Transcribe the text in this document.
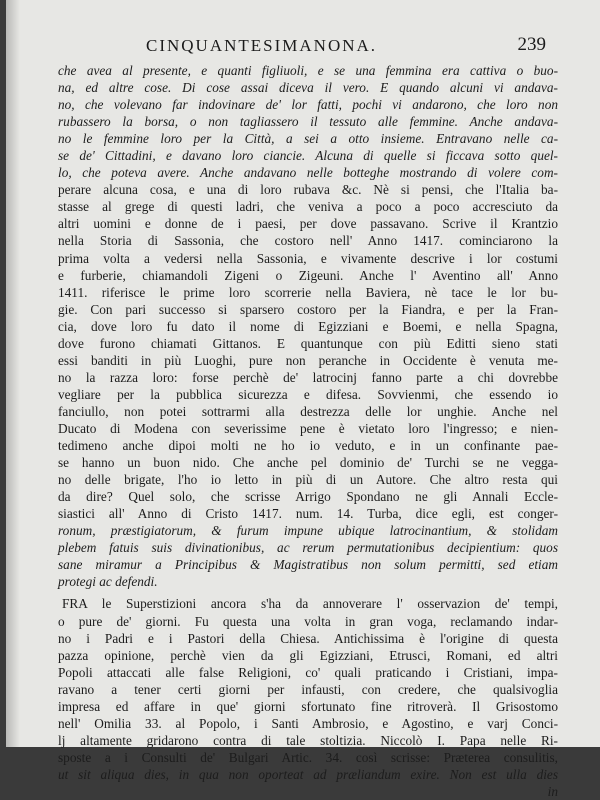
CINQUANTESIMANONA.	239
che avea al presente, e quanti figliuoli, e se una femmina era cattiva o buo-
na, ed altre cose. Di cose assai diceva il vero. E quando alcuni vi andava-
no, che volevano far indovinare de' lor fatti, pochi vi andarono, che loro non
rubassero la borsa, o non tagliassero il tessuto alle femmine. Anche andava-
no le femmine loro per la Città, a sei a otto insieme. Entravano nelle ca-
se de' Cittadini, e davano loro ciancie. Alcuna di quelle si ficcava sotto quel-
lo, che poteva avere. Anche andavano nelle botteghe mostrando di volere com-
perare alcuna cosa, e una di loro rubava &c. Nè si pensi, che l'Italia ba-
stasse al grege di questi ladri, che veniva a poco a poco accresciuto da
altri uomini e donne de i paesi, per dove passavano. Scrive il Krantzio
nella Storia di Sassonia, che costoro nell' Anno 1417. cominciarono la
prima volta a vedersi nella Sassonia, e vivamente descrive i lor costumi
e furberie, chiamandoli Zigeni o Zigeuni. Anche l' Aventino all' Anno
1411. riferisce le prime loro scorrerie nella Baviera, nè tace le lor bu-
gie. Con pari successo si sparsero costoro per la Fiandra, e per la Fran-
cia, dove loro fu dato il nome di Egizziani e Boemi, e nella Spagna,
dove furono chiamati Gittanos. E quantunque con più Editti sieno stati
essi banditi in più Luoghi, pure non peranche in Occidente è venuta me-
no la razza loro: forse perchè de' latrocinj fanno parte a chi dovrebbe
vegliare per la pubblica sicurezza e difesa. Sovvienmi, che essendo io
fanciullo, non potei sottrarmi alla destrezza delle lor unghie. Anche nel
Ducato di Modena con severissime pene è vietato loro l'ingresso; e nien-
tedimeno anche dipoi molti ne ho io veduto, e in un confinante pae-
se hanno un buon nido. Che anche pel dominio de' Turchi se ne vegga-
no delle brigate, l'ho io letto in più di un Autore. Che altro resta qui
da dire? Quel solo, che scrisse Arrigo Spondano ne gli Annali Eccle-
siastici all' Anno di Cristo 1417. num. 14. Turba, dice egli, est conger-
ronum, præstigiatorum, & furum impune ubique latrocinantium, & stolidam
plebem fatuis suis divinationibus, ac rerum permutationibus decipientium: quos
sane miramur a Principibus & Magistratibus non solum permitti, sed etiam
protegi ac defendi.
FRA le Superstizioni ancora s'ha da annoverare l' osservazion de' tempi,
o pure de' giorni. Fu questa una volta in gran voga, reclamando indar-
no i Padri e i Pastori della Chiesa. Antichissima è l'origine di questa
pazza opinione, perchè vien da gli Egizziani, Etrusci, Romani, ed altri
Popoli attaccati alle false Religioni, co' quali praticando i Cristiani, impa-
ravano a tener certi giorni per infausti, con credere, che qualsivoglia
impresa ed affare in que' giorni sfortunato fine ritroverà. Il Grisostomo
nell' Omilia 33. al Popolo, i Santi Ambrosio, e Agostino, e varj Conci-
lj altamente gridarono contra di tale stoltizia. Niccolò I. Papa nelle Ri-
sposte a i Consulti de' Bulgari Artic. 34. così scrisse: Præterea consulitis,
ut sit aliqua dies, in qua non oporteat ad præliandum exire. Non est ulla dies
in
